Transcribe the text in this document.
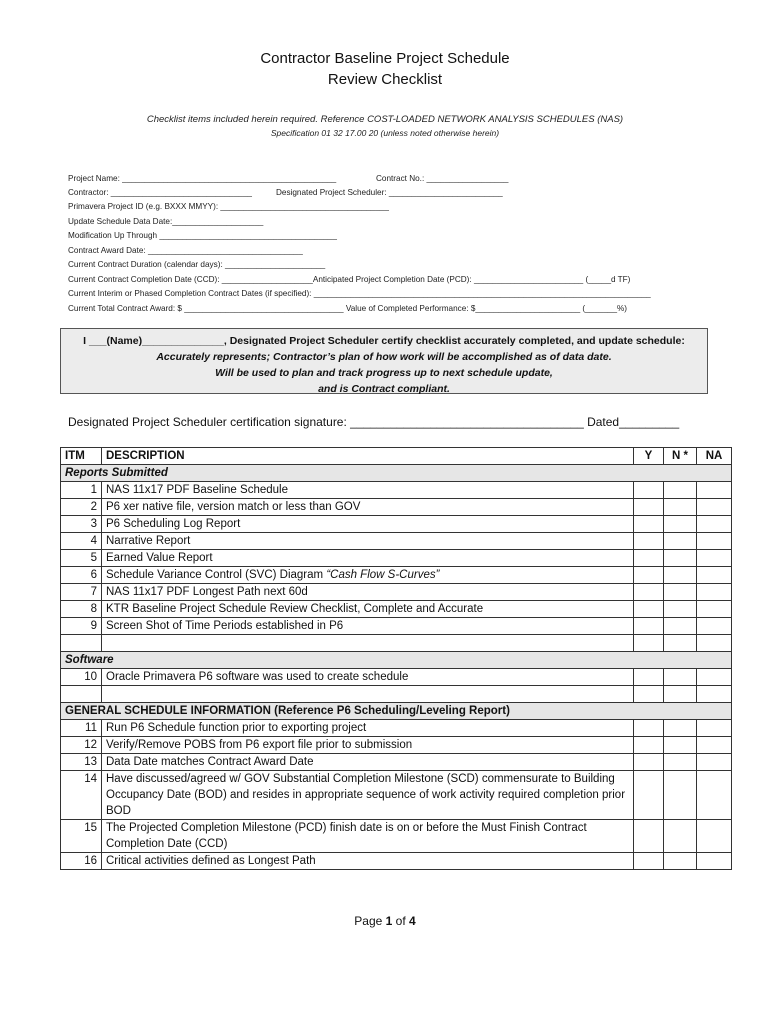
Contractor Baseline Project Schedule
Review Checklist
Checklist items included herein required. Reference COST-LOADED NETWORK ANALYSIS SCHEDULES (NAS)
Specification 01 32 17.00 20 (unless noted otherwise herein)
Project Name: _______________________________________________	Contract No.: __________________
Contractor: _______________________________	Designated Project Scheduler: _________________________
Primavera Project ID (e.g. BXXX MMYY): _____________________________________
Update Schedule Data Date:____________________
Modification Up Through _______________________________________
Contract Award Date: __________________________________
Current Contract Duration (calendar days): ______________________
Current Contract Completion Date (CCD): ____________________Anticipated Project Completion Date (PCD): ________________________ (_____d TF)
Current Interim or Phased Completion Contract Dates (if specified): __________________________________________________________________________
Current Total Contract Award: $ ___________________________________ Value of Completed Performance: $_______________________ (_______%)
I ___(Name)______________, Designated Project Scheduler certify checklist accurately completed, and update schedule:
Accurately represents; Contractor’s plan of how work will be accomplished as of data date.
Will be used to plan and track progress up to next schedule update,
and is Contract compliant.
Designated Project Scheduler certification signature: ___________________________________ Dated_________
ITM	DESCRIPTION	Y	N *	NA
Reports Submitted				
1	NAS 11x17 PDF Baseline Schedule			
2	P6 xer native file, version match or less than GOV			
3	P6 Scheduling Log Report			
4	Narrative Report			
5	Earned Value Report			
6	Schedule Variance Control (SVC) Diagram “Cash Flow S-Curves”			
7	NAS 11x17 PDF Longest Path next 60d			
8	KTR Baseline Project Schedule Review Checklist, Complete and Accurate			
9	Screen Shot of Time Periods established in P6			

Software				
10	Oracle Primavera P6 software was used to create schedule			

GENERAL SCHEDULE INFORMATION (Reference P6 Scheduling/Leveling Report)				
11	Run P6 Schedule function prior to exporting project			
12	Verify/Remove POBS from P6 export file prior to submission			
13	Data Date matches Contract Award Date			
14	Have discussed/agreed w/ GOV Substantial Completion Milestone (SCD) commensurate to Building Occupancy Date (BOD) and resides in appropriate sequence of work activity required completion prior BOD			
15	The Projected Completion Milestone (PCD) finish date is on or before the Must Finish Contract Completion Date (CCD)			
16	Critical activities defined as Longest Path			
Page 1 of 4
